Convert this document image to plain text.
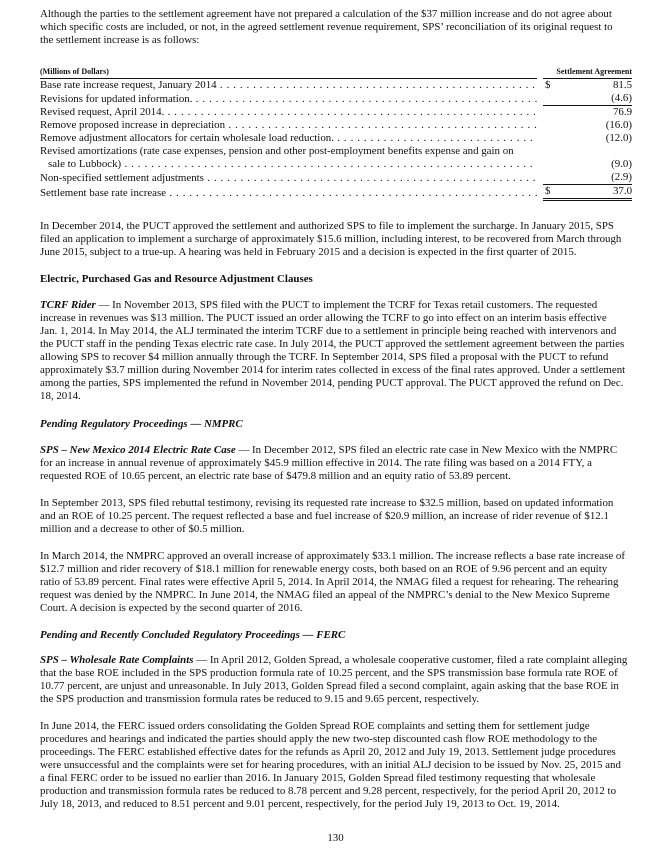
Although the parties to the settlement agreement have not prepared a calculation of the $37 million increase and do not agree about
which specific costs are included, or not, in the agreed settlement revenue requirement, SPS’ reconciliation of its original request to
the settlement increase is as follows:
(Millions of Dollars)		Settlement Agreement	

Base rate increase request, January 2014 . . .		$	81.5

Revisions for updated information. . . .			(4.6)

Revised request, April 2014. . . .			76.9

Remove proposed increase in depreciation . . .			(16.0)

Remove adjustment allocators for certain wholesale load reduction. . . .			(12.0)

Revised amortizations (rate case expenses, pension and other post-employment benefits expense and gain on
sale to Lubbock) . . .			(9.0)

Non-specified settlement adjustments . . .			(2.9)

Settlement base rate increase . . .		$	37.0
In December 2014, the PUCT approved the settlement and authorized SPS to file to implement the surcharge. In January 2015, SPS
filed an application to implement a surcharge of approximately $15.6 million, including interest, to be recovered from March through
June 2015, subject to a true-up. A hearing was held in February 2015 and a decision is expected in the first quarter of 2015.
Electric, Purchased Gas and Resource Adjustment Clauses
TCRF Rider — In November 2013, SPS filed with the PUCT to implement the TCRF for Texas retail customers. The requested
increase in revenues was $13 million. The PUCT issued an order allowing the TCRF to go into effect on an interim basis effective
Jan. 1, 2014. In May 2014, the ALJ terminated the interim TCRF due to a settlement in principle being reached with intervenors and
the PUCT staff in the pending Texas electric rate case. In July 2014, the PUCT approved the settlement agreement between the parties
allowing SPS to recover $4 million annually through the TCRF. In September 2014, SPS filed a proposal with the PUCT to refund
approximately $3.7 million during November 2014 for interim rates collected in excess of the final rates approved. Under a settlement
among the parties, SPS implemented the refund in November 2014, pending PUCT approval. The PUCT approved the refund on Dec.
18, 2014.
Pending Regulatory Proceedings — NMPRC
SPS – New Mexico 2014 Electric Rate Case — In December 2012, SPS filed an electric rate case in New Mexico with the NMPRC
for an increase in annual revenue of approximately $45.9 million effective in 2014. The rate filing was based on a 2014 FTY, a
requested ROE of 10.65 percent, an electric rate base of $479.8 million and an equity ratio of 53.89 percent.
In September 2013, SPS filed rebuttal testimony, revising its requested rate increase to $32.5 million, based on updated information
and an ROE of 10.25 percent. The request reflected a base and fuel increase of $20.9 million, an increase of rider revenue of $12.1
million and a decrease to other of $0.5 million.
In March 2014, the NMPRC approved an overall increase of approximately $33.1 million. The increase reflects a base rate increase of
$12.7 million and rider recovery of $18.1 million for renewable energy costs, both based on an ROE of 9.96 percent and an equity
ratio of 53.89 percent. Final rates were effective April 5, 2014. In April 2014, the NMAG filed a request for rehearing. The rehearing
request was denied by the NMPRC. In June 2014, the NMAG filed an appeal of the NMPRC’s denial to the New Mexico Supreme
Court. A decision is expected by the second quarter of 2016.
Pending and Recently Concluded Regulatory Proceedings — FERC
SPS – Wholesale Rate Complaints — In April 2012, Golden Spread, a wholesale cooperative customer, filed a rate complaint alleging
that the base ROE included in the SPS production formula rate of 10.25 percent, and the SPS transmission base formula rate ROE of
10.77 percent, are unjust and unreasonable. In July 2013, Golden Spread filed a second complaint, again asking that the base ROE in
the SPS production and transmission formula rates be reduced to 9.15 and 9.65 percent, respectively.
In June 2014, the FERC issued orders consolidating the Golden Spread ROE complaints and setting them for settlement judge
procedures and hearings and indicated the parties should apply the new two-step discounted cash flow ROE methodology to the
proceedings. The FERC established effective dates for the refunds as April 20, 2012 and July 19, 2013. Settlement judge procedures
were unsuccessful and the complaints were set for hearing procedures, with an initial ALJ decision to be issued by Nov. 25, 2015 and
a final FERC order to be issued no earlier than 2016. In January 2015, Golden Spread filed testimony requesting that wholesale
production and transmission formula rates be reduced to 8.78 percent and 9.28 percent, respectively, for the period April 20, 2012 to
July 18, 2013, and reduced to 8.51 percent and 9.01 percent, respectively, for the period July 19, 2013 to Oct. 19, 2014.
130
